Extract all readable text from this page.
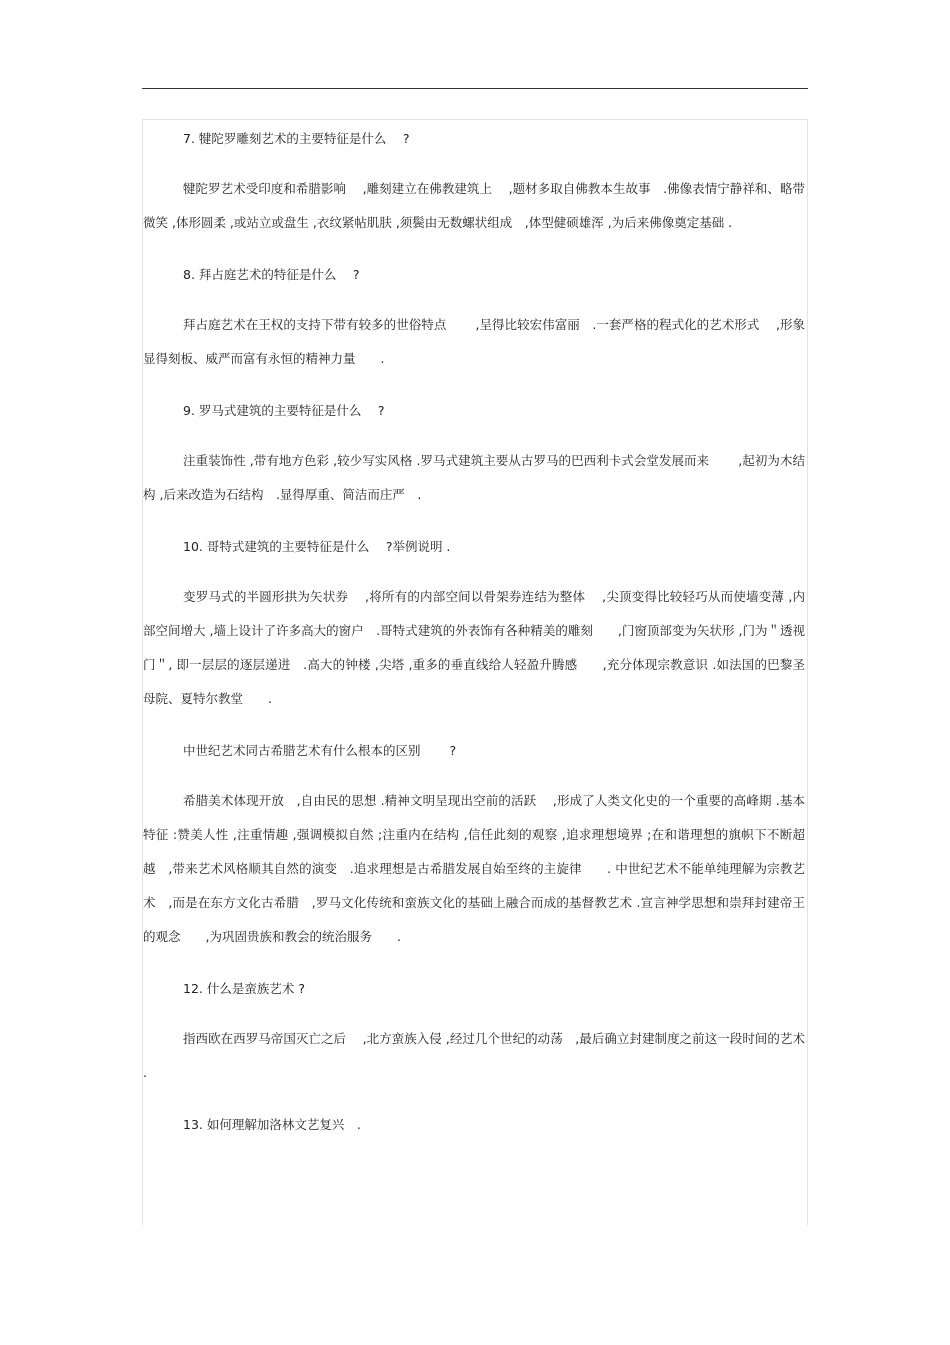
7. 犍陀罗雕刻艺术的主要特征是什么　 ?

犍陀罗艺术受印度和希腊影响　 ,雕刻建立在佛教建筑上　 ,题材多取自佛教本生故事　.佛像表情宁静祥和、略带微笑 ,体形圆柔 ,或站立或盘生 ,衣纹紧帖肌肤 ,须鬓由无数螺状组成　,体型健硕雄浑 ,为后来佛像奠定基础 .

8. 拜占庭艺术的特征是什么　 ?

拜占庭艺术在王权的支持下带有较多的世俗特点　　 ,呈得比较宏伟富丽　.一套严格的程式化的艺术形式　 ,形象显得刻板、威严而富有永恒的精神力量　　.

9. 罗马式建筑的主要特征是什么　 ?

注重装饰性 ,带有地方色彩 ,较少写实风格 .罗马式建筑主要从古罗马的巴西利卡式会堂发展而来　　 ,起初为木结构 ,后来改造为石结构　.显得厚重、简洁而庄严　.

10. 哥特式建筑的主要特征是什么　 ?举例说明 .

变罗马式的半圆形拱为矢状券　 ,将所有的内部空间以骨架券连结为整体　 ,尖顶变得比较轻巧从而使墙变薄 ,内部空间增大 ,墙上设计了许多高大的窗户　.哥特式建筑的外表饰有各种精美的雕刻　　,门窗顶部变为矢状形 ,门为＂透视门＂, 即一层层的逐层递进　.高大的钟楼 ,尖塔 ,重多的垂直线给人轻盈升腾感　　,充分体现宗教意识 .如法国的巴黎圣母院、夏特尔教堂　　.

中世纪艺术同古希腊艺术有什么根本的区别　　 ?

希腊美术体现开放　,自由民的思想 .精神文明呈现出空前的活跃　 ,形成了人类文化史的一个重要的高峰期 .基本特征 :赞美人性 ,注重情趣 ,强调模拟自然 ;注重内在结构 ,信任此刻的观察 ,追求理想境界 ;在和谐理想的旗帜下不断超越　,带来艺术风格顺其自然的演变　.追求理想是古希腊发展自始至终的主旋律　　. 中世纪艺术不能单纯理解为宗教艺术　,而是在东方文化古希腊　,罗马文化传统和蛮族文化的基础上融合而成的基督教艺术 .宣言神学思想和崇拜封建帝王的观念　　,为巩固贵族和教会的统治服务　　.

12. 什么是蛮族艺术 ?

指西欧在西罗马帝国灭亡之后　 ,北方蛮族入侵 ,经过几个世纪的动荡　,最后确立封建制度之前这一段时间的艺术 .

13. 如何理解加洛林文艺复兴　.
